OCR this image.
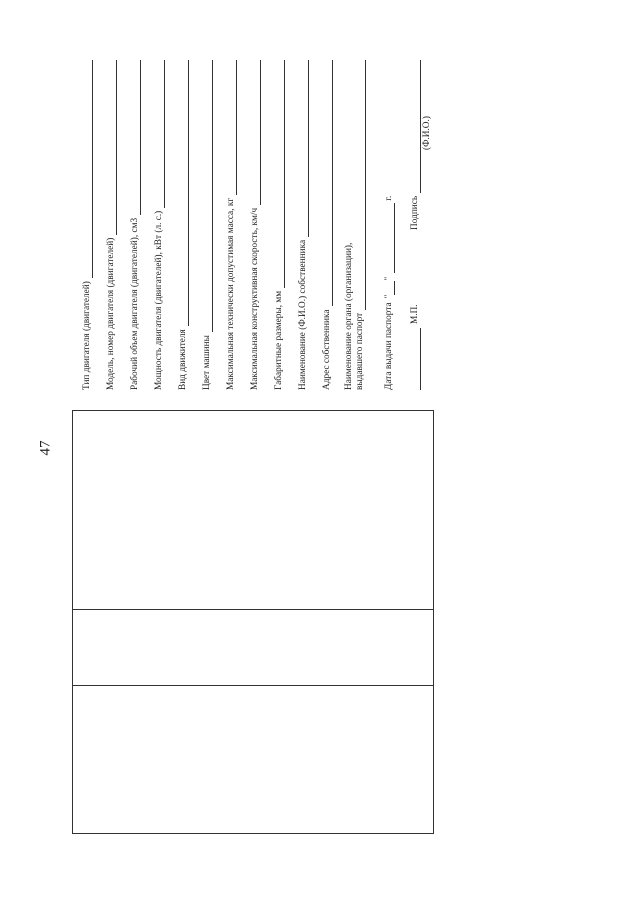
47
Тип двигателя (двигателей) Модель, номер двигателя (двигателей) Рабочий объем двигателя (двигателей), см3 Мощность двигателя (двигателей), кВт (л. с.) Вид движителя Цвет машины Максимальная технически допустимая масса, кг Максимальная конструктивная скорость, км/ч Габаритные размеры, мм Наименование (Ф.И.О.) собственника Адрес собственника Наименование органа (организации), выдавшего паспорт Дата выдачи паспорта
"
"
г.
М.П.
Подпись
(Ф.И.О.)
